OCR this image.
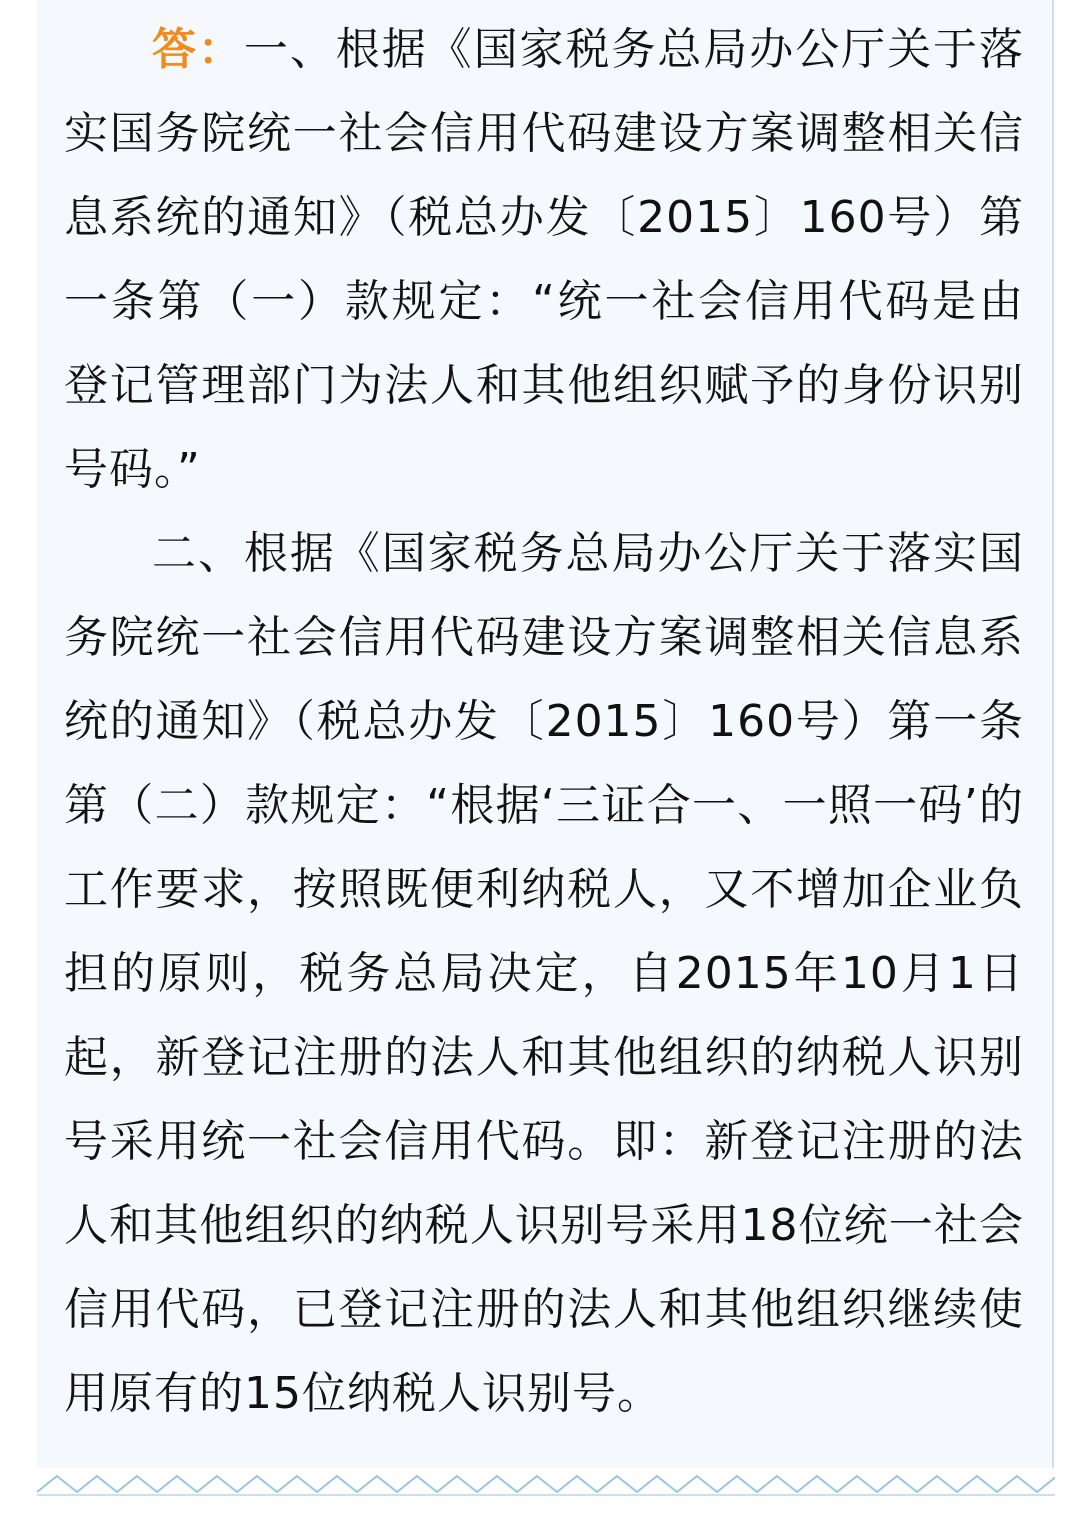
答：一、根据《国家税务总局办公厅关于落实国务院统一社会信用代码建设方案调整相关信息系统的通知》（税总办发〔2015〕160号）第一条第（一）款规定：“统一社会信用代码是由登记管理部门为法人和其他组织赋予的身份识别号码。”

二、根据《国家税务总局办公厅关于落实国务院统一社会信用代码建设方案调整相关信息系统的通知》（税总办发〔2015〕160号）第一条第（二）款规定：“根据‘三证合一、一照一码’的工作要求，按照既便利纳税人，又不增加企业负担的原则，税务总局决定，自2015年10月1日起，新登记注册的法人和其他组织的纳税人识别号采用统一社会信用代码。即：新登记注册的法人和其他组织的纳税人识别号采用18位统一社会信用代码，已登记注册的法人和其他组织继续使用原有的15位纳税人识别号。
